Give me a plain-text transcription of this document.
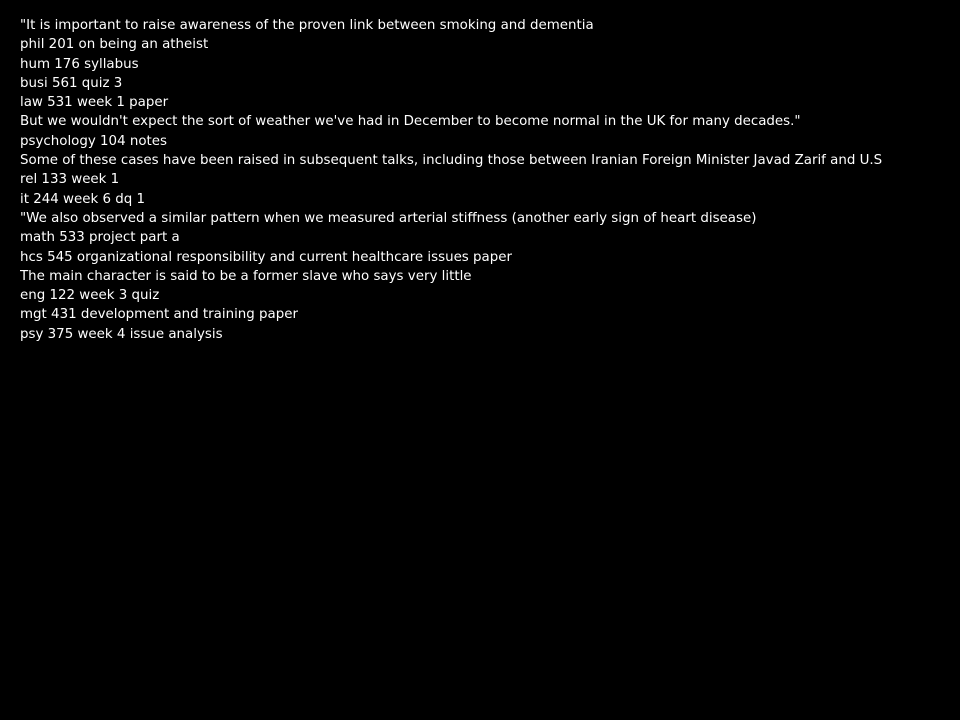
"It is important to raise awareness of the proven link between smoking and dementia
phil 201 on being an atheist
hum 176 syllabus
busi 561 quiz 3
law 531 week 1 paper
But we wouldn't expect the sort of weather we've had in December to become normal in the UK for many decades."
psychology 104 notes
Some of these cases have been raised in subsequent talks, including those between Iranian Foreign Minister Javad Zarif and U.S
rel 133 week 1
it 244 week 6 dq 1
"We also observed a similar pattern when we measured arterial stiffness (another early sign of heart disease)
math 533 project part a
hcs 545 organizational responsibility and current healthcare issues paper
The main character is said to be a former slave who says very little
eng 122 week 3 quiz
mgt 431 development and training paper
psy 375 week 4 issue analysis
